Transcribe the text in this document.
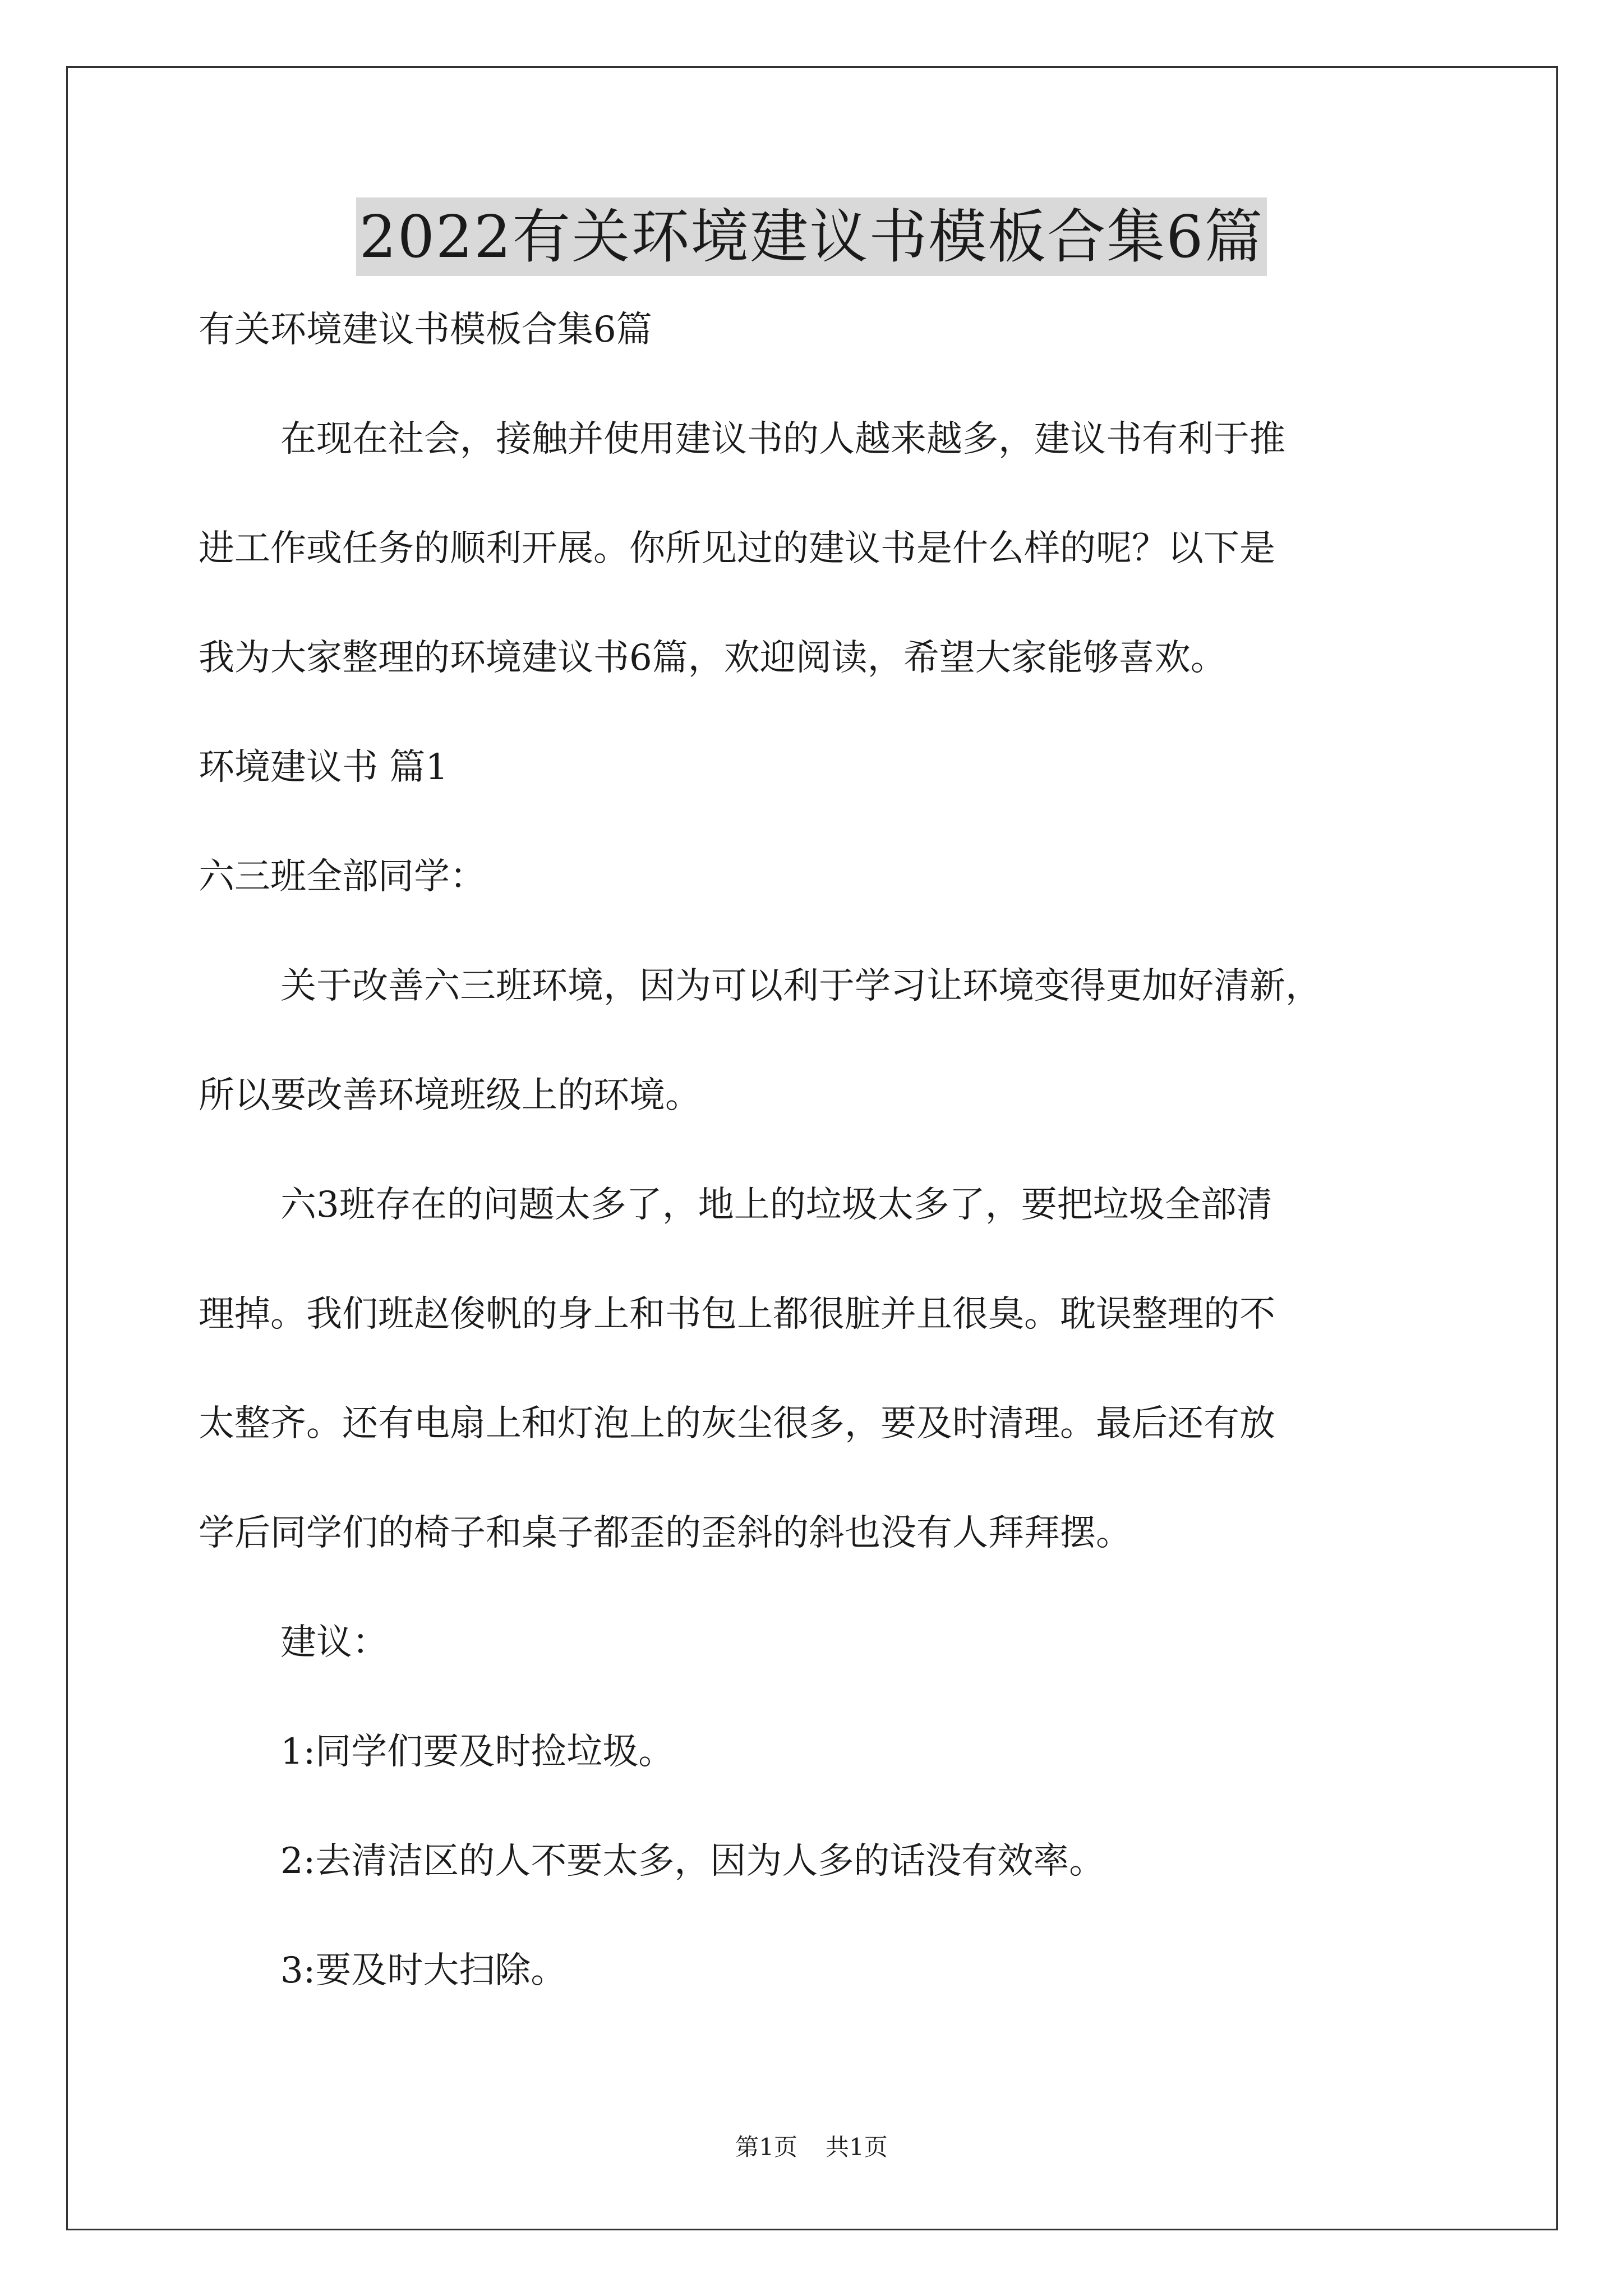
2022有关环境建议书模板合集6篇

有关环境建议书模板合集6篇

在现在社会，接触并使用建议书的人越来越多，建议书有利于推

进工作或任务的顺利开展。你所见过的建议书是什么样的呢？以下是

我为大家整理的环境建议书6篇，欢迎阅读，希望大家能够喜欢。

环境建议书 篇1

六三班全部同学：

关于改善六三班环境，因为可以利于学习让环境变得更加好清新，

所以要改善环境班级上的环境。

六3班存在的问题太多了，地上的垃圾太多了，要把垃圾全部清

理掉。我们班赵俊帆的身上和书包上都很脏并且很臭。耽误整理的不

太整齐。还有电扇上和灯泡上的灰尘很多，要及时清理。最后还有放

学后同学们的椅子和桌子都歪的歪斜的斜也没有人拜拜摆。

建议：

1:同学们要及时捡垃圾。

2:去清洁区的人不要太多，因为人多的话没有效率。

3:要及时大扫除。

第1页 共1页
